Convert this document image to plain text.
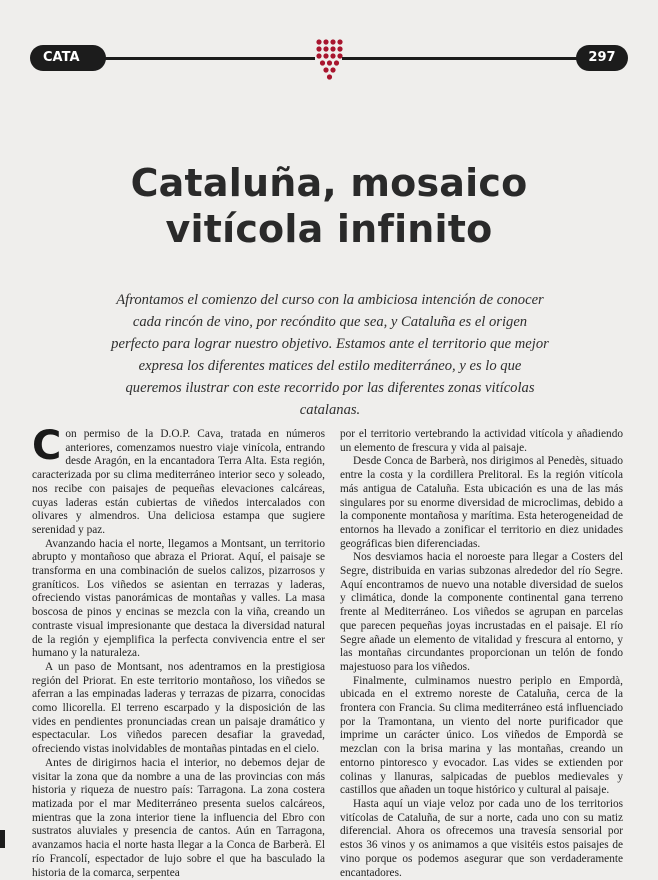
CATA	297
Cataluña, mosaico
vitícola infinito

Afrontamos el comienzo del curso con la ambiciosa intención de conocer cada rincón de vino, por recóndito que sea, y Cataluña es el origen perfecto para lograr nuestro objetivo. Estamos ante el territorio que mejor expresa los diferentes matices del estilo mediterráneo, y es lo que queremos ilustrar con este recorrido por las diferentes zonas vitícolas catalanas.

Con permiso de la D.O.P. Cava, tratada en números anteriores, comenzamos nuestro viaje vinícola, entrando desde Aragón, en la encantadora Terra Alta. Esta región, caracterizada por su clima mediterráneo interior seco y soleado, nos recibe con paisajes de pequeñas elevaciones calcáreas, cuyas laderas están cubiertas de viñedos intercalados con olivares y almendros. Una deliciosa estampa que sugiere serenidad y paz.

Avanzando hacia el norte, llegamos a Montsant, un territorio abrupto y montañoso que abraza el Priorat. Aquí, el paisaje se transforma en una combinación de suelos calizos, pizarrosos y graníticos. Los viñedos se asientan en terrazas y laderas, ofreciendo vistas panorámicas de montañas y valles. La masa boscosa de pinos y encinas se mezcla con la viña, creando un contraste visual impresionante que destaca la diversidad natural de la región y ejemplifica la perfecta convivencia entre el ser humano y la naturaleza.

A un paso de Montsant, nos adentramos en la prestigiosa región del Priorat. En este territorio montañoso, los viñedos se aferran a las empinadas laderas y terrazas de pizarra, conocidas como llicorella. El terreno escarpado y la disposición de las vides en pendientes pronunciadas crean un paisaje dramático y espectacular. Los viñedos parecen desafiar la gravedad, ofreciendo vistas inolvidables de montañas pintadas en el cielo.

Antes de dirigirnos hacia el interior, no debemos dejar de visitar la zona que da nombre a una de las provincias con más historia y riqueza de nuestro país: Tarragona. La zona costera matizada por el mar Mediterráneo presenta suelos calcáreos, mientras que la zona interior tiene la influencia del Ebro con sustratos aluviales y presencia de cantos. Aún en Tarragona, avanzamos hacia el norte hasta llegar a la Conca de Barberà. El río Francolí, espectador de lujo sobre el que ha basculado la historia de la comarca, serpentea

por el territorio vertebrando la actividad vitícola y añadiendo un elemento de frescura y vida al paisaje.

Desde Conca de Barberà, nos dirigimos al Penedès, situado entre la costa y la cordillera Prelitoral. Es la región vitícola más antigua de Cataluña. Esta ubicación es una de las más singulares por su enorme diversidad de microclimas, debido a la componente montañosa y marítima. Esta heterogeneidad de entornos ha llevado a zonificar el territorio en diez unidades geográficas bien diferenciadas.

Nos desviamos hacia el noroeste para llegar a Costers del Segre, distribuida en varias subzonas alrededor del río Segre. Aquí encontramos de nuevo una notable diversidad de suelos y climática, donde la componente continental gana terreno frente al Mediterráneo. Los viñedos se agrupan en parcelas que parecen pequeñas joyas incrustadas en el paisaje. El río Segre añade un elemento de vitalidad y frescura al entorno, y las montañas circundantes proporcionan un telón de fondo majestuoso para los viñedos.

Finalmente, culminamos nuestro periplo en Empordà, ubicada en el extremo noreste de Cataluña, cerca de la frontera con Francia. Su clima mediterráneo está influenciado por la Tramontana, un viento del norte purificador que imprime un carácter único. Los viñedos de Empordà se mezclan con la brisa marina y las montañas, creando un entorno pintoresco y evocador. Las vides se extienden por colinas y llanuras, salpicadas de pueblos medievales y castillos que añaden un toque histórico y cultural al paisaje.

Hasta aquí un viaje veloz por cada uno de los territorios vitícolas de Cataluña, de sur a norte, cada uno con su matiz diferencial. Ahora os ofrecemos una travesía sensorial por estos 36 vinos y os animamos a que visitéis estos paisajes de vino porque os podemos asegurar que son verdaderamente encantadores.
